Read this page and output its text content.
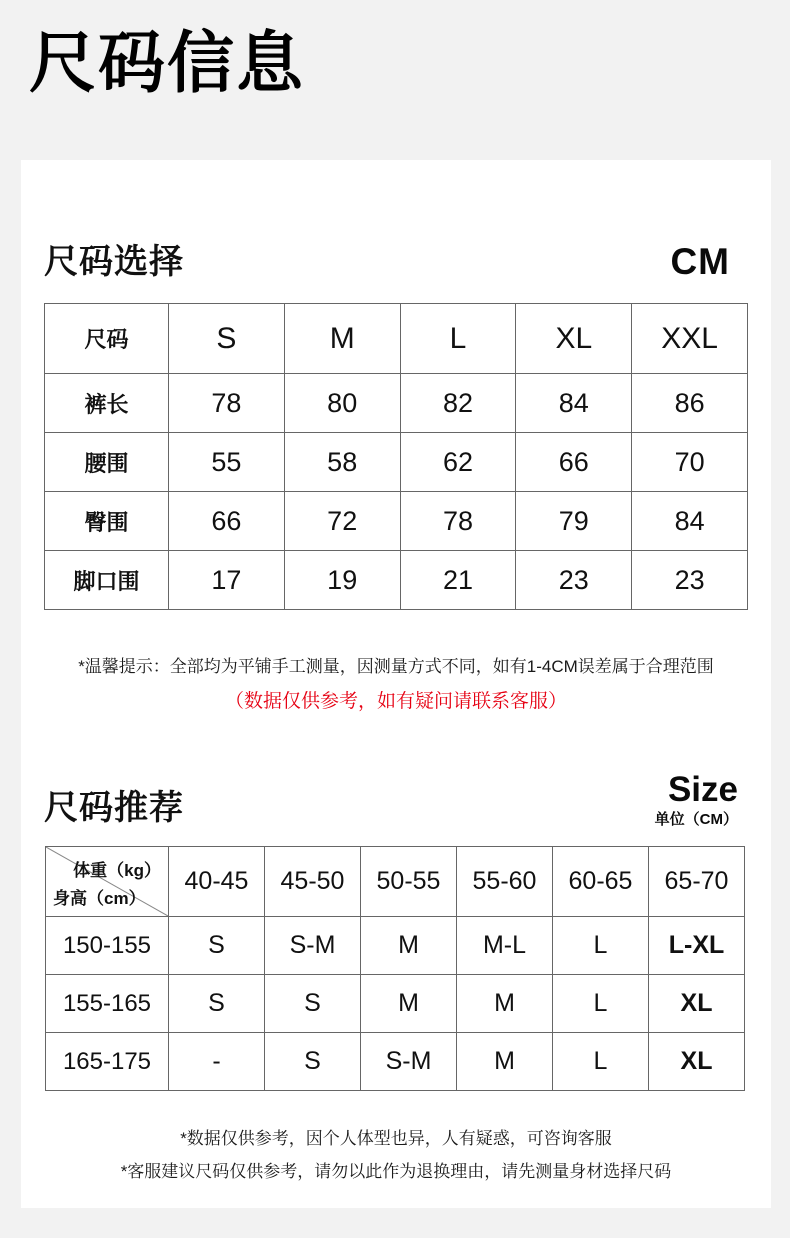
尺码信息
尺码选择	CM
尺码	S	M	L	XL	XXL
裤长	78	80	82	84	86
腰围	55	58	62	66	70
臀围	66	72	78	79	84
脚口围	17	19	21	23	23
*温馨提示：全部均为平铺手工测量，因测量方式不同，如有1-4CM误差属于合理范围
（数据仅供参考，如有疑问请联系客服）
尺码推荐	Size
单位（CM）
体重（kg）
身高（cm）	40-45	45-50	50-55	55-60	60-65	65-70
150-155	S	S-M	M	M-L	L	L-XL
155-165	S	S	M	M	L	XL
165-175	-	S	S-M	M	L	XL
*数据仅供参考，因个人体型也异，人有疑惑，可咨询客服
*客服建议尺码仅供参考，请勿以此作为退换理由，请先测量身材选择尺码
